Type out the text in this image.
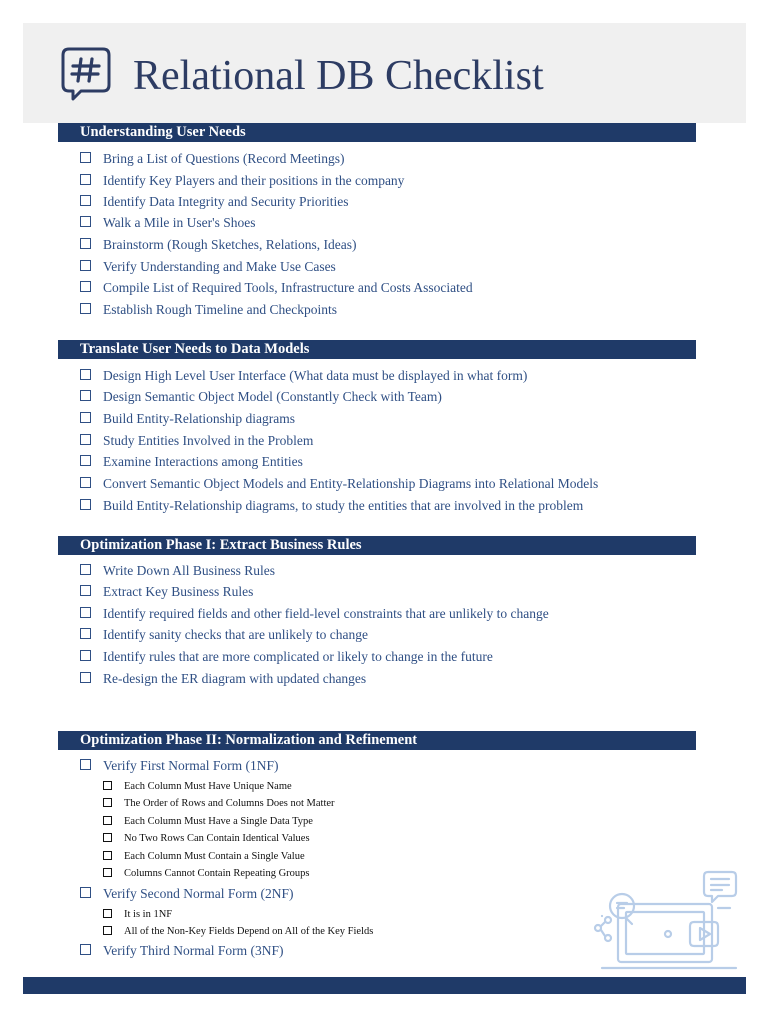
Relational DB Checklist
Understanding User Needs
Bring a List of Questions (Record Meetings)
Identify Key Players and their positions in the company
Identify Data Integrity and Security Priorities
Walk a Mile in User's Shoes
Brainstorm (Rough Sketches, Relations, Ideas)
Verify Understanding and Make Use Cases
Compile List of Required Tools, Infrastructure and Costs Associated
Establish Rough Timeline and Checkpoints
Translate User Needs to Data Models
Design High Level User Interface (What data must be displayed in what form)
Design Semantic Object Model (Constantly Check with Team)
Build Entity-Relationship diagrams
Study Entities Involved in the Problem
Examine Interactions among Entities
Convert Semantic Object Models and Entity-Relationship Diagrams into Relational Models
Build Entity-Relationship diagrams, to study the entities that are involved in the problem
Optimization Phase I: Extract Business Rules
Write Down All Business Rules
Extract Key Business Rules
Identify required fields and other field-level constraints that are unlikely to change
Identify sanity checks that are unlikely to change
Identify rules that are more complicated or likely to change in the future
Re-design the ER diagram with updated changes
Optimization Phase II: Normalization and Refinement
Verify First Normal Form (1NF)
Each Column Must Have Unique Name
The Order of Rows and Columns Does not Matter
Each Column Must Have a Single Data Type
No Two Rows Can Contain Identical Values
Each Column Must Contain a Single Value
Columns Cannot Contain Repeating Groups
Verify Second Normal Form (2NF)
It is in 1NF
All of the Non-Key Fields Depend on All of the Key Fields
Verify Third Normal Form (3NF)
